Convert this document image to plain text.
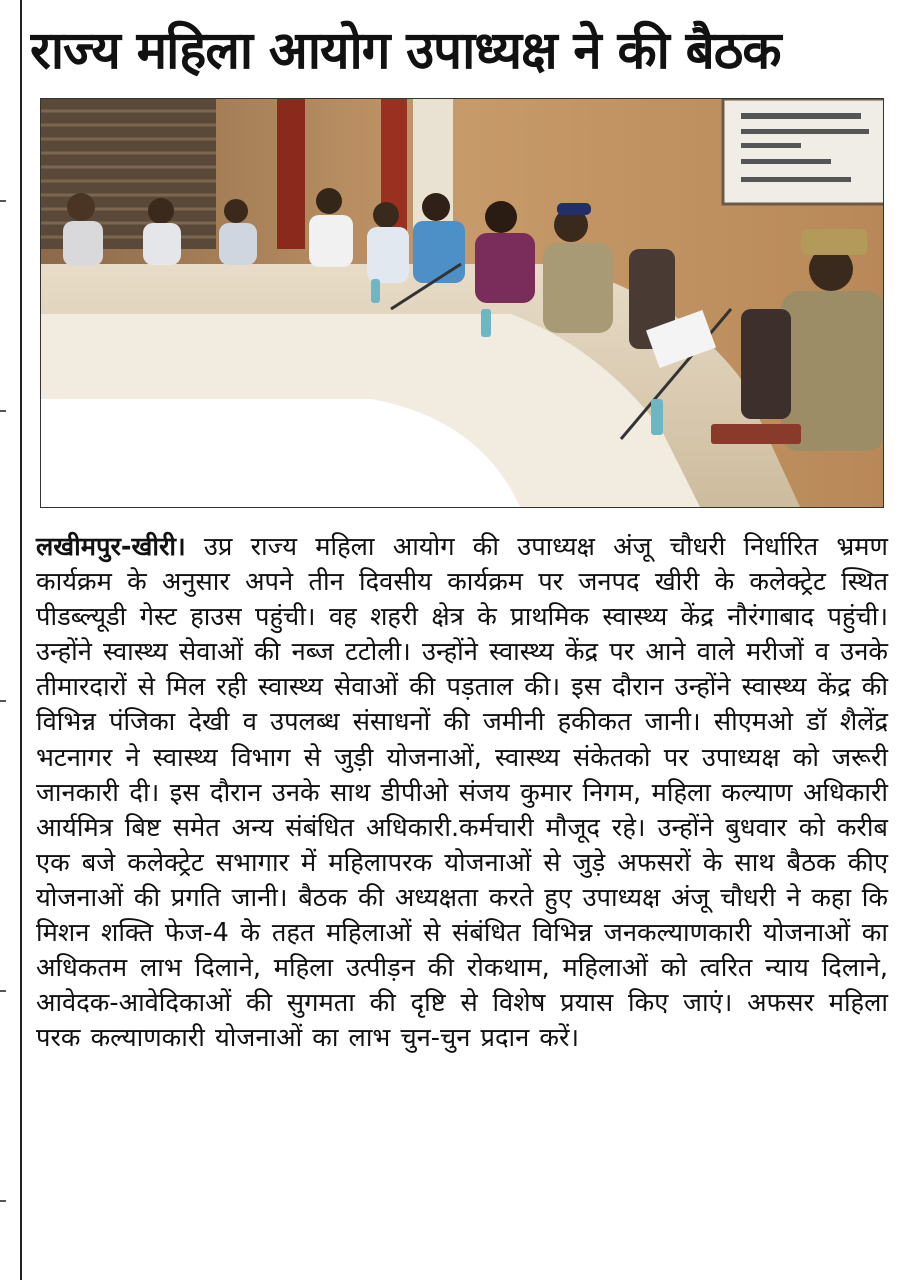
राज्य महिला आयोग उपाध्यक्ष ने की बैठक
लखीमपुर-खीरी। उप्र राज्य महिला आयोग की उपाध्यक्ष अंजू चौधरी निर्धारित भ्रमण कार्यक्रम के अनुसार अपने तीन दिवसीय कार्यक्रम पर जनपद खीरी के कलेक्ट्रेट स्थित पीडब्ल्यूडी गेस्ट हाउस पहुंची। वह शहरी क्षेत्र के प्राथमिक स्वास्थ्य केंद्र नौरंगाबाद पहुंची। उन्होंने स्वास्थ्य सेवाओं की नब्ज टटोली। उन्होंने स्वास्थ्य केंद्र पर आने वाले मरीजों व उनके तीमारदारों से मिल रही स्वास्थ्य सेवाओं की पड़ताल की। इस दौरान उन्होंने स्वास्थ्य केंद्र की विभिन्न पंजिका देखी व उपलब्ध संसाधनों की जमीनी हकीकत जानी। सीएमओ डॉ शैलेंद्र भटनागर ने स्वास्थ्य विभाग से जुड़ी योजनाओं, स्वास्थ्य संकेतको पर उपाध्यक्ष को जरूरी जानकारी दी। इस दौरान उनके साथ डीपीओ संजय कुमार निगम, महिला कल्याण अधिकारी आर्यमित्र बिष्ट समेत अन्य संबंधित अधिकारी.कर्मचारी मौजूद रहे। उन्होंने बुधवार को करीब एक बजे कलेक्ट्रेट सभागार में महिलापरक योजनाओं से जुड़े अफसरों के साथ बैठक कीए योजनाओं की प्रगति जानी। बैठक की अध्यक्षता करते हुए उपाध्यक्ष अंजू चौधरी ने कहा कि मिशन शक्ति फेज-4 के तहत महिलाओं से संबंधित विभिन्न जनकल्याणकारी योजनाओं का अधिकतम लाभ दिलाने, महिला उत्पीड़न की रोकथाम, महिलाओं को त्वरित न्याय दिलाने, आवेदक-आवेदिकाओं की सुगमता की दृष्टि से विशेष प्रयास किए जाएं। अफसर महिला परक कल्याणकारी योजनाओं का लाभ चुन-चुन प्रदान करें।
